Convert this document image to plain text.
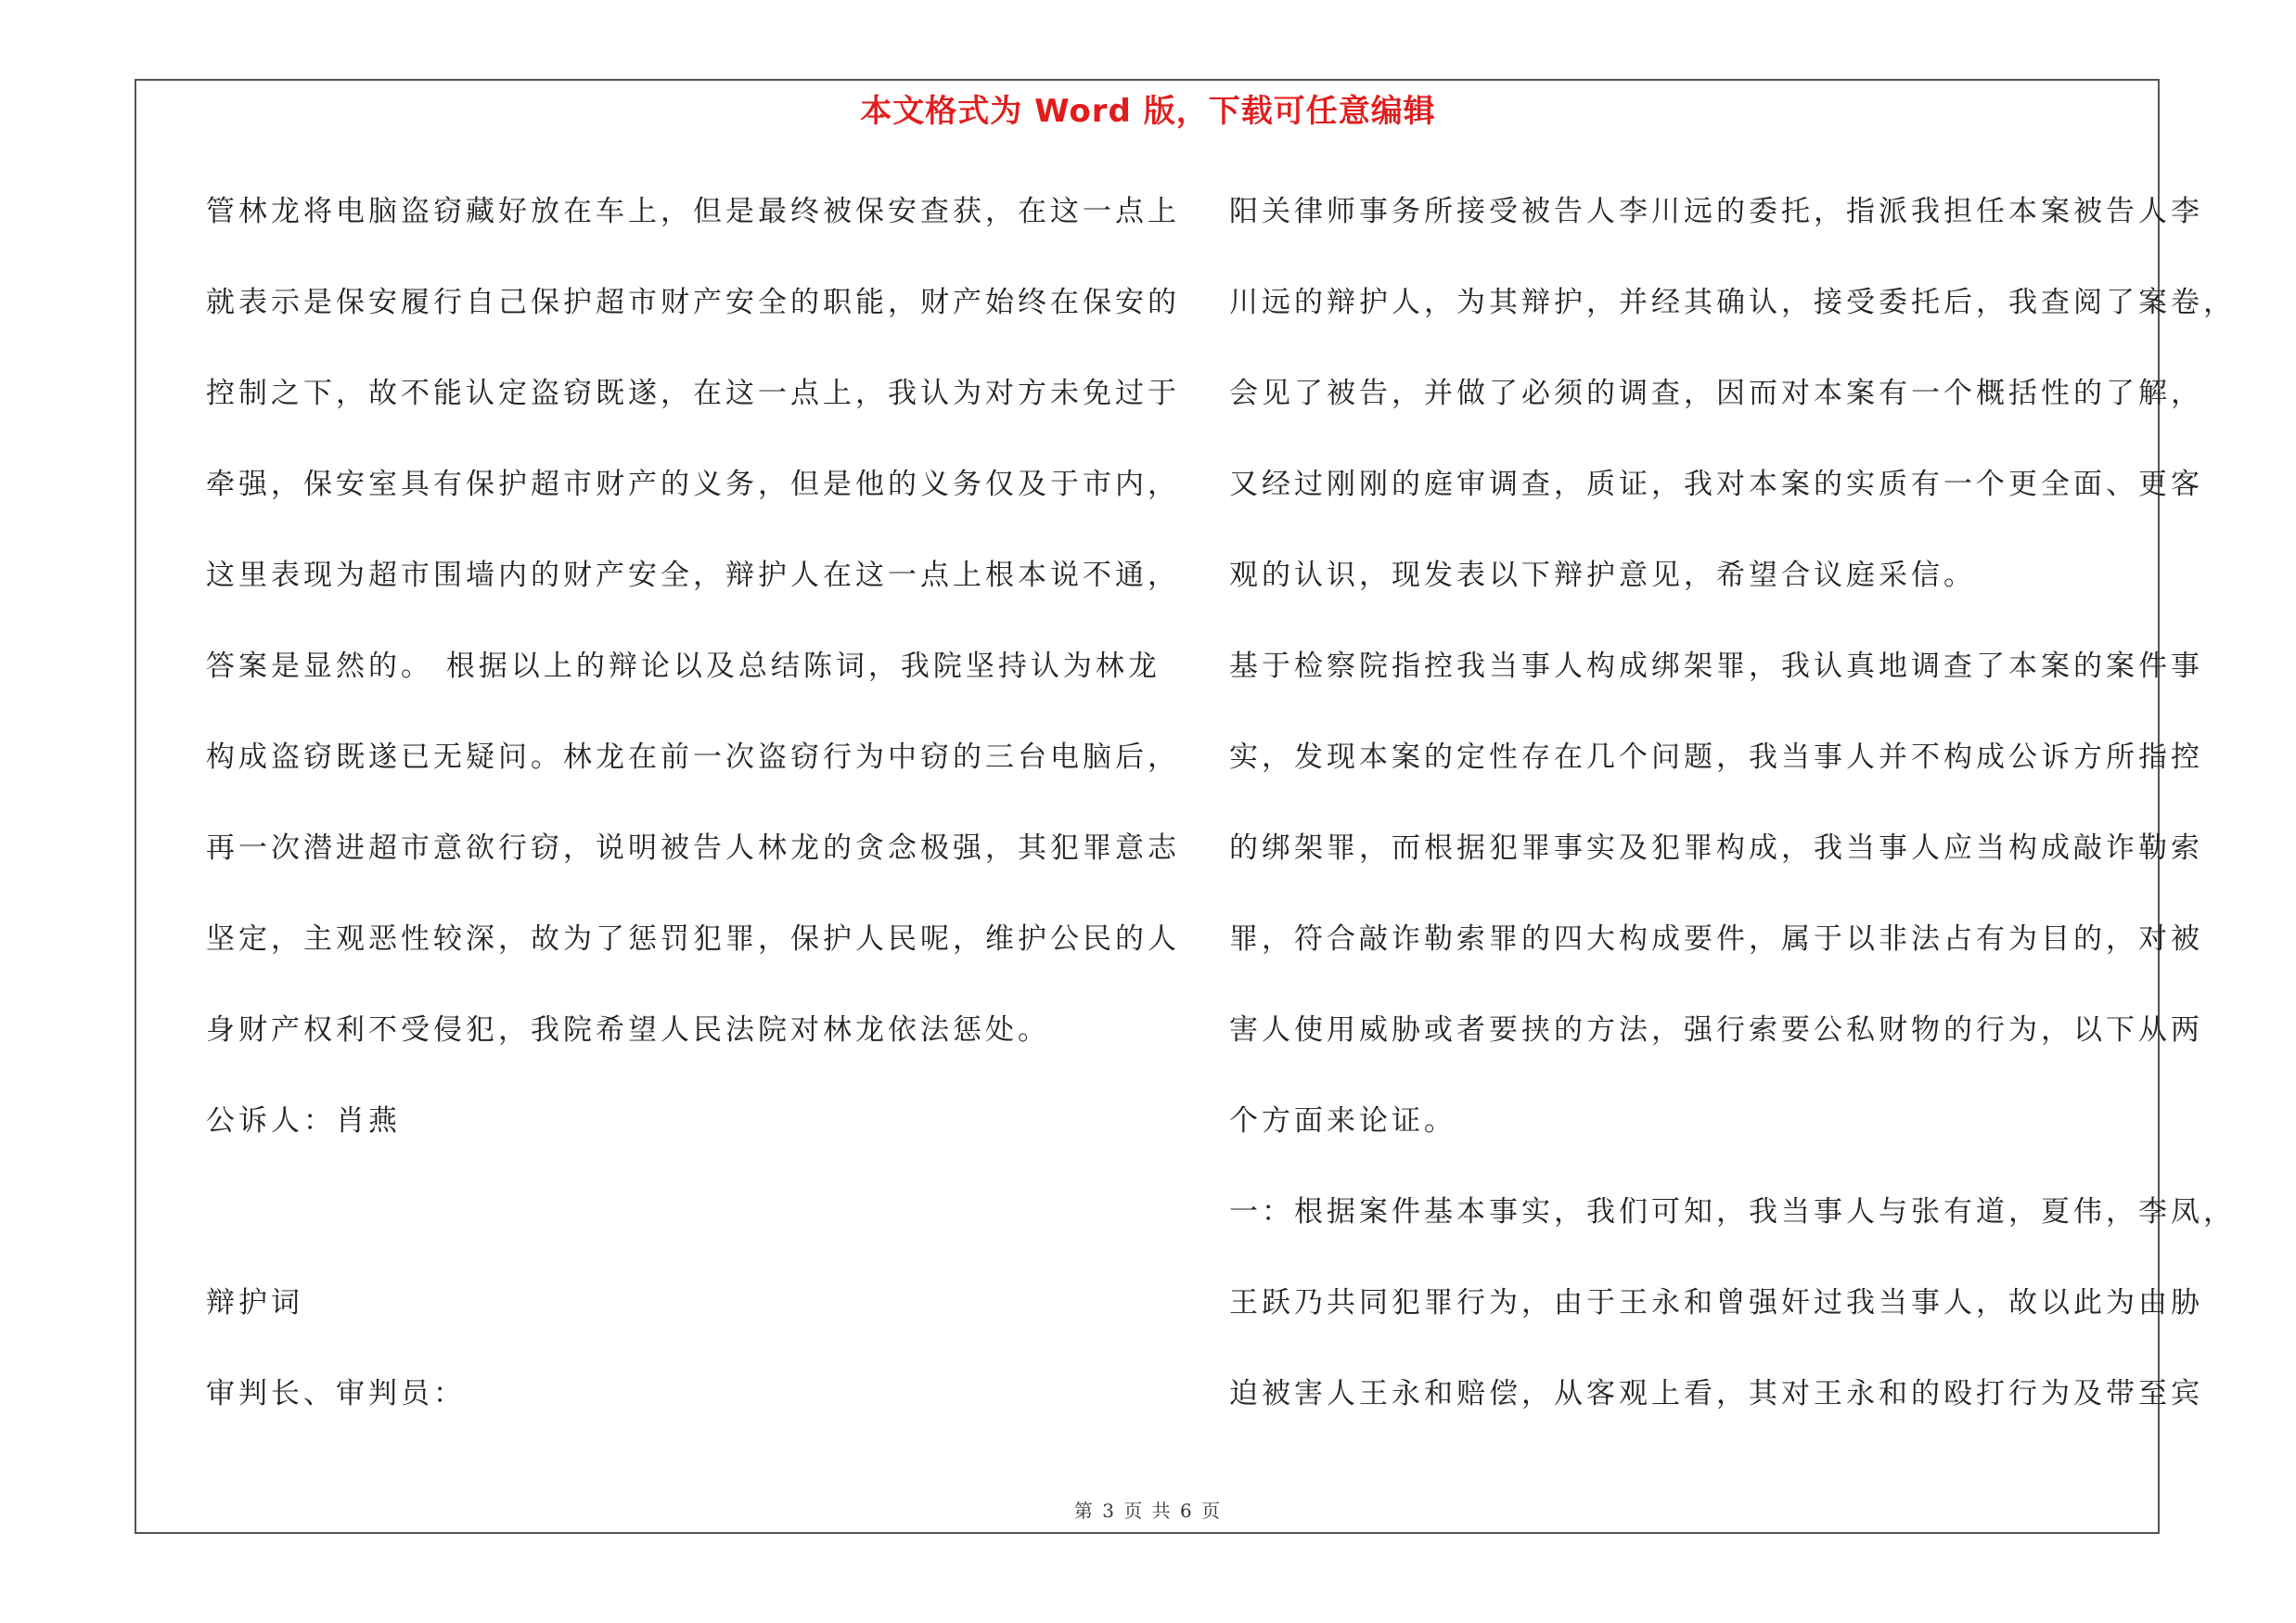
本文格式为 Word 版，下载可任意编辑
管林龙将电脑盗窃藏好放在车上，但是最终被保安查获，在这一点上
就表示是保安履行自己保护超市财产安全的职能，财产始终在保安的
控制之下，故不能认定盗窃既遂，在这一点上，我认为对方未免过于
牵强，保安室具有保护超市财产的义务，但是他的义务仅及于市内，
这里表现为超市围墙内的财产安全，辩护人在这一点上根本说不通，
答案是显然的。 根据以上的辩论以及总结陈词，我院坚持认为林龙
构成盗窃既遂已无疑问。林龙在前一次盗窃行为中窃的三台电脑后，
再一次潜进超市意欲行窃，说明被告人林龙的贪念极强，其犯罪意志
坚定，主观恶性较深，故为了惩罚犯罪，保护人民呢，维护公民的人
身财产权利不受侵犯，我院希望人民法院对林龙依法惩处。
公诉人：肖燕
辩护词
审判长、审判员：
阳关律师事务所接受被告人李川远的委托，指派我担任本案被告人李
川远的辩护人，为其辩护，并经其确认，接受委托后，我查阅了案卷，
会见了被告，并做了必须的调查，因而对本案有一个概括性的了解，
又经过刚刚的庭审调查，质证，我对本案的实质有一个更全面、更客
观的认识，现发表以下辩护意见，希望合议庭采信。
基于检察院指控我当事人构成绑架罪，我认真地调查了本案的案件事
实，发现本案的定性存在几个问题，我当事人并不构成公诉方所指控
的绑架罪，而根据犯罪事实及犯罪构成，我当事人应当构成敲诈勒索
罪，符合敲诈勒索罪的四大构成要件，属于以非法占有为目的，对被
害人使用威胁或者要挟的方法，强行索要公私财物的行为，以下从两
个方面来论证。
一：根据案件基本事实，我们可知，我当事人与张有道，夏伟，李凤，
王跃乃共同犯罪行为，由于王永和曾强奸过我当事人，故以此为由胁
迫被害人王永和赔偿，从客观上看，其对王永和的殴打行为及带至宾
第 3 页 共 6 页
